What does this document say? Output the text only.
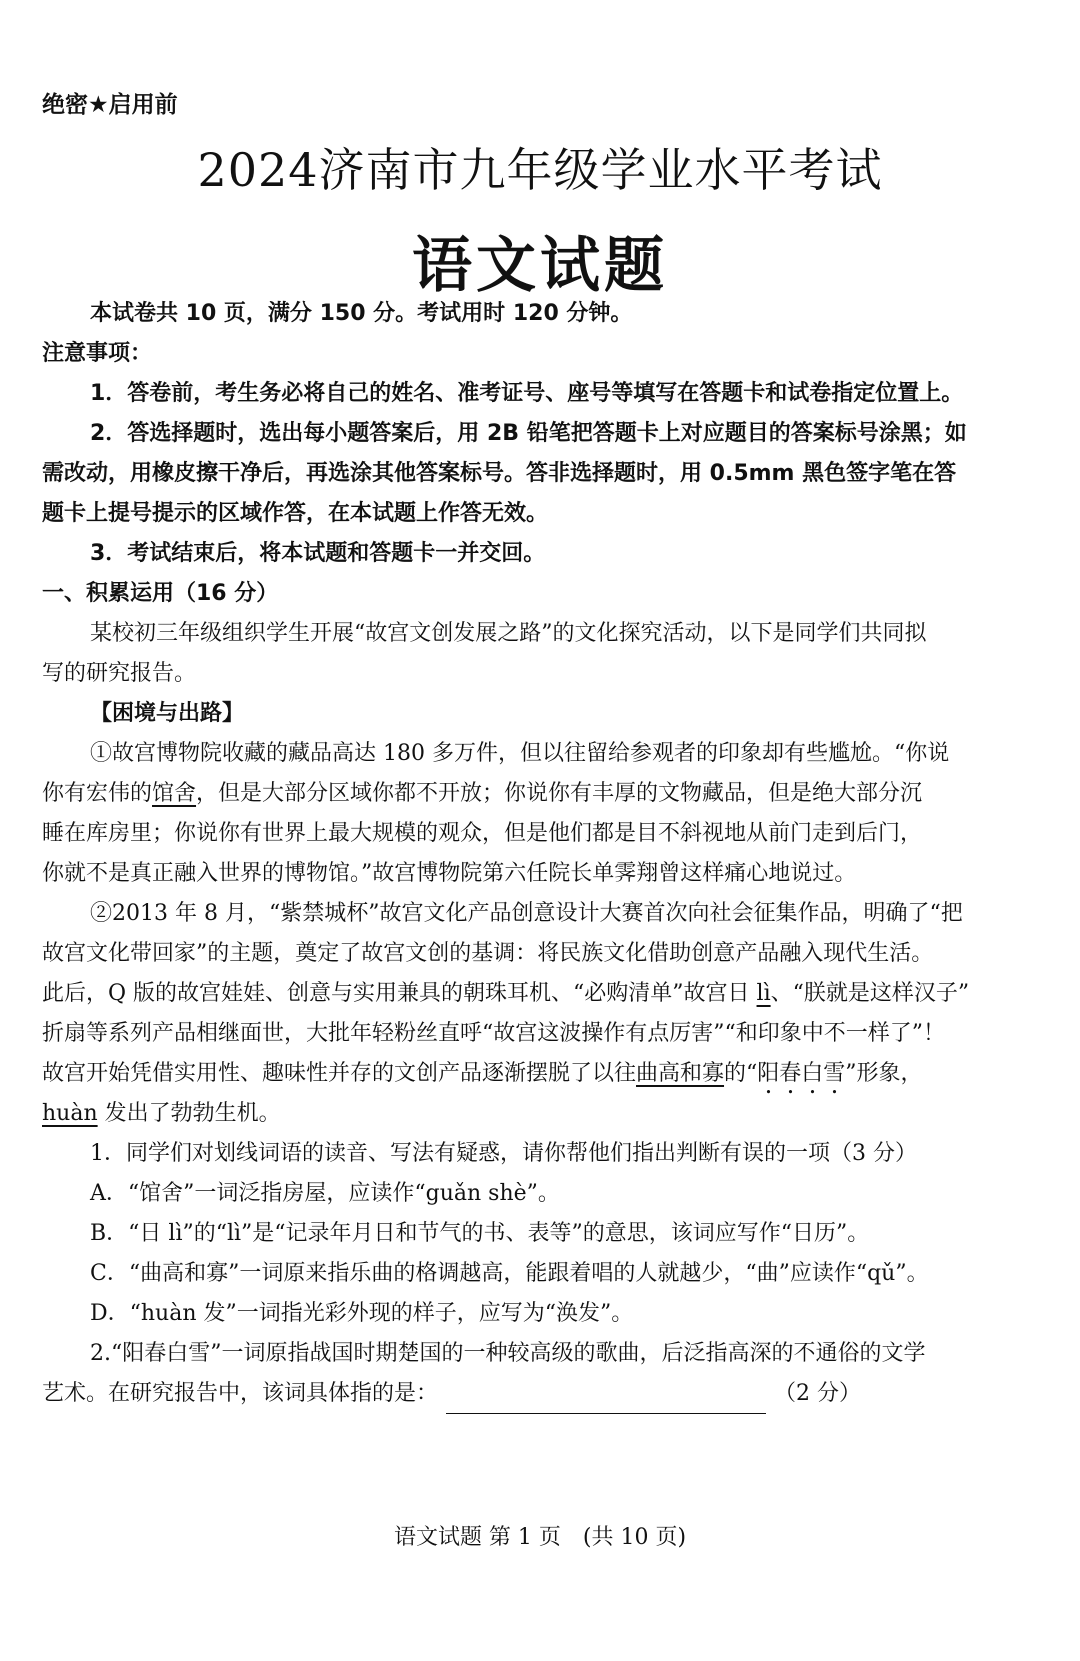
绝密★启用前
2024济南市九年级学业水平考试
语文试题
本试卷共 10 页，满分 150 分。考试用时 120 分钟。
注意事项：
1．答卷前，考生务必将自己的姓名、准考证号、座号等填写在答题卡和试卷指定位置上。
2．答选择题时，选出每小题答案后，用 2B 铅笔把答题卡上对应题目的答案标号涂黑；如
需改动，用橡皮擦干净后，再选涂其他答案标号。答非选择题时，用 0.5mm 黑色签字笔在答
题卡上提号提示的区域作答，在本试题上作答无效。
3．考试结束后，将本试题和答题卡一并交回。
一、积累运用（16 分）
某校初三年级组织学生开展“故宫文创发展之路”的文化探究活动，以下是同学们共同拟
写的研究报告。
【困境与出路】
①故宫博物院收藏的藏品高达 180 多万件，但以往留给参观者的印象却有些尴尬。“你说
你有宏伟的馆舍，但是大部分区域你都不开放；你说你有丰厚的文物藏品，但是绝大部分沉
睡在库房里；你说你有世界上最大规模的观众，但是他们都是目不斜视地从前门走到后门，
你就不是真正融入世界的博物馆。”故宫博物院第六任院长单霁翔曾这样痛心地说过。
②2013 年 8 月，“紫禁城杯”故宫文化产品创意设计大赛首次向社会征集作品，明确了“把
故宫文化带回家”的主题，奠定了故宫文创的基调：将民族文化借助创意产品融入现代生活。
此后，Q 版的故宫娃娃、创意与实用兼具的朝珠耳机、“必购清单”故宫日 lì、“朕就是这样汉子”
折扇等系列产品相继面世，大批年轻粉丝直呼“故宫这波操作有点厉害”“和印象中不一样了”！
故宫开始凭借实用性、趣味性并存的文创产品逐渐摆脱了以往曲高和寡的“阳春白雪”形象，
huàn 发出了勃勃生机。
1．同学们对划线词语的读音、写法有疑惑，请你帮他们指出判断有误的一项（3 分）
A．“馆舍”一词泛指房屋，应读作“guǎn shè”。
B．“日 lì”的“lì”是“记录年月日和节气的书、表等”的意思，该词应写作“日历”。
C．“曲高和寡”一词原来指乐曲的格调越高，能跟着唱的人就越少，“曲”应读作“qǔ”。
D．“huàn 发”一词指光彩外现的样子，应写为“涣发”。
2.“阳春白雪”一词原指战国时期楚国的一种较高级的歌曲，后泛指高深的不通俗的文学
艺术。在研究报告中，该词具体指的是：	（2 分）
语文试题 第 1 页　(共 10 页)
